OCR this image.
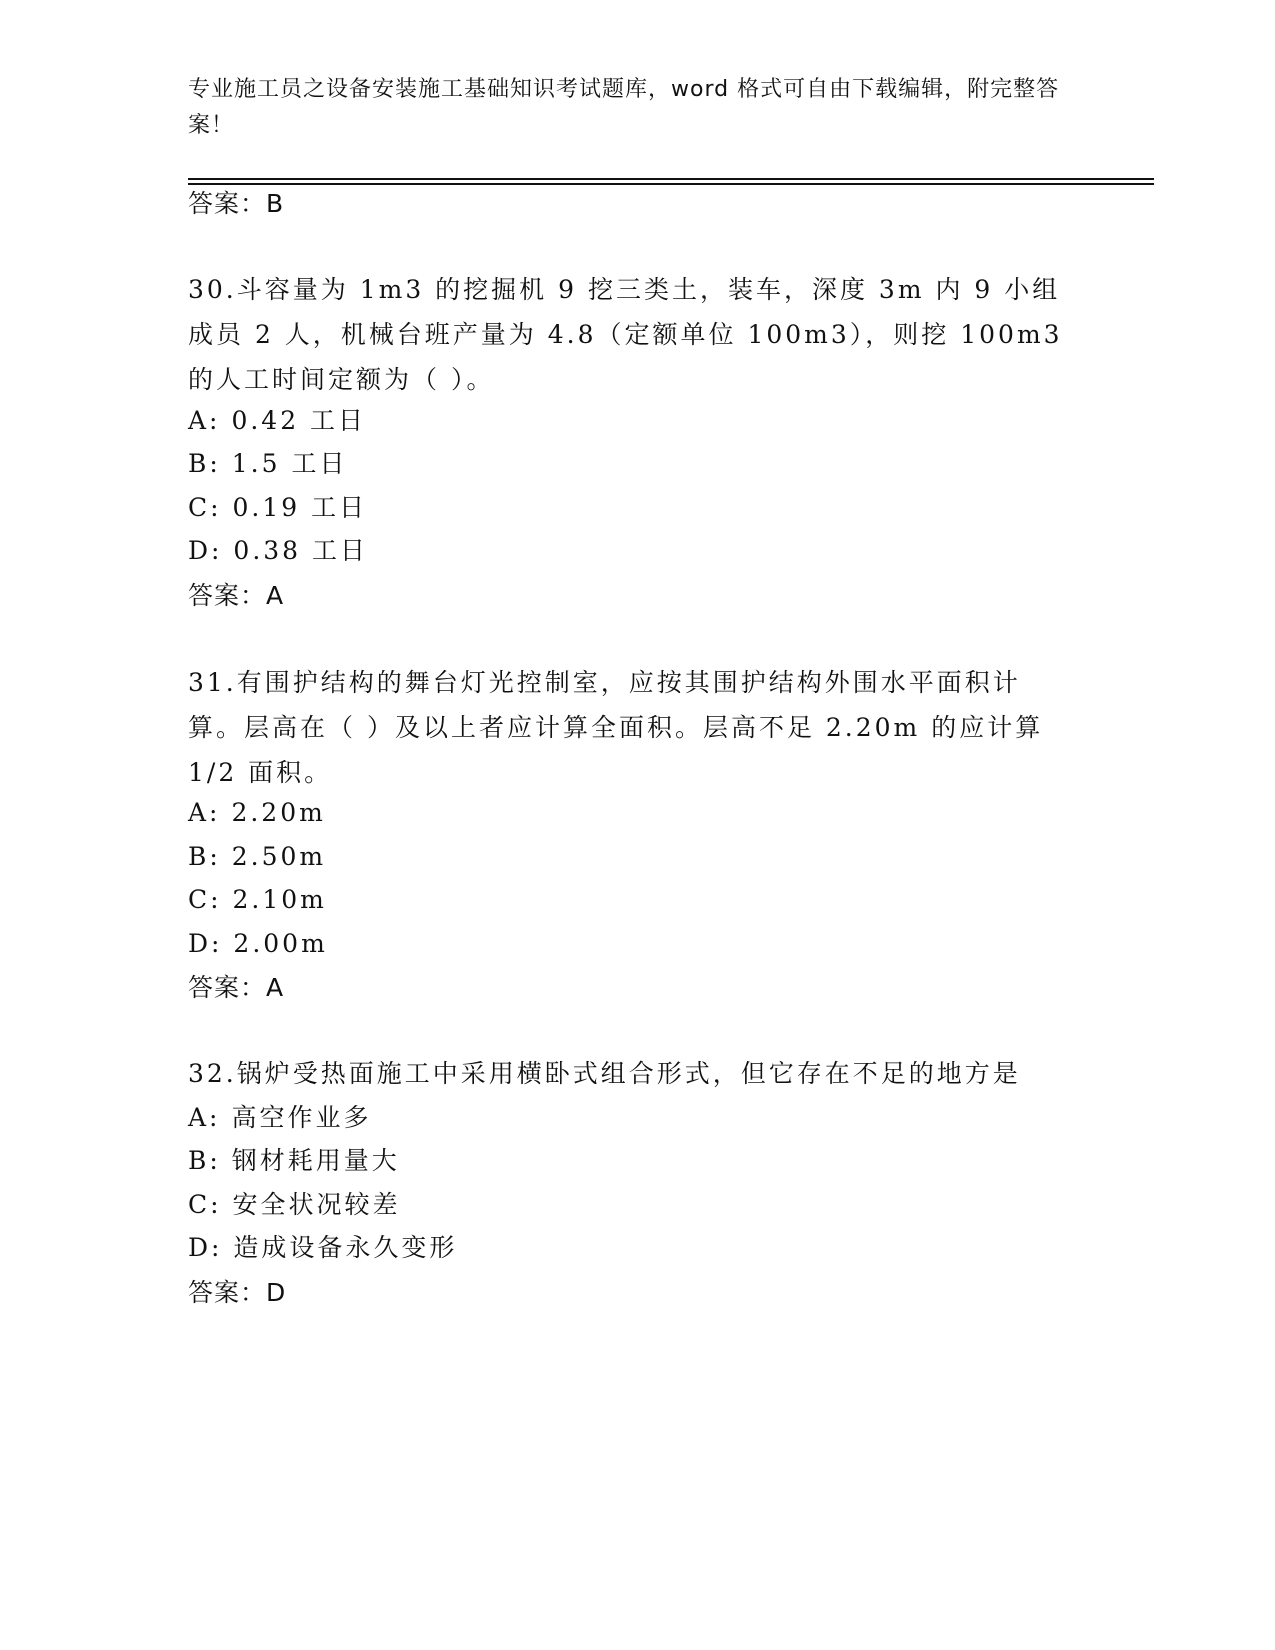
专业施工员之设备安装施工基础知识考试题库，word 格式可自由下载编辑，附完整答案！
答案：B

30.斗容量为 1m3 的挖掘机 9 挖三类土，装车，深度 3m 内 9 小组成员 2 人，机械台班产量为 4.8（定额单位 100m3），则挖 100m3 的人工时间定额为（ ）。

A: 0.42 工日
B: 1.5 工日
C: 0.19 工日
D: 0.38 工日
答案：A

31.有围护结构的舞台灯光控制室，应按其围护结构外围水平面积计算。层高在（ ）及以上者应计算全面积。层高不足 2.20m 的应计算 1/2 面积。

A: 2.20m
B: 2.50m
C: 2.10m
D: 2.00m
答案：A

32.锅炉受热面施工中采用横卧式组合形式，但它存在不足的地方是

A: 高空作业多
B: 钢材耗用量大
C: 安全状况较差
D: 造成设备永久变形
答案：D
